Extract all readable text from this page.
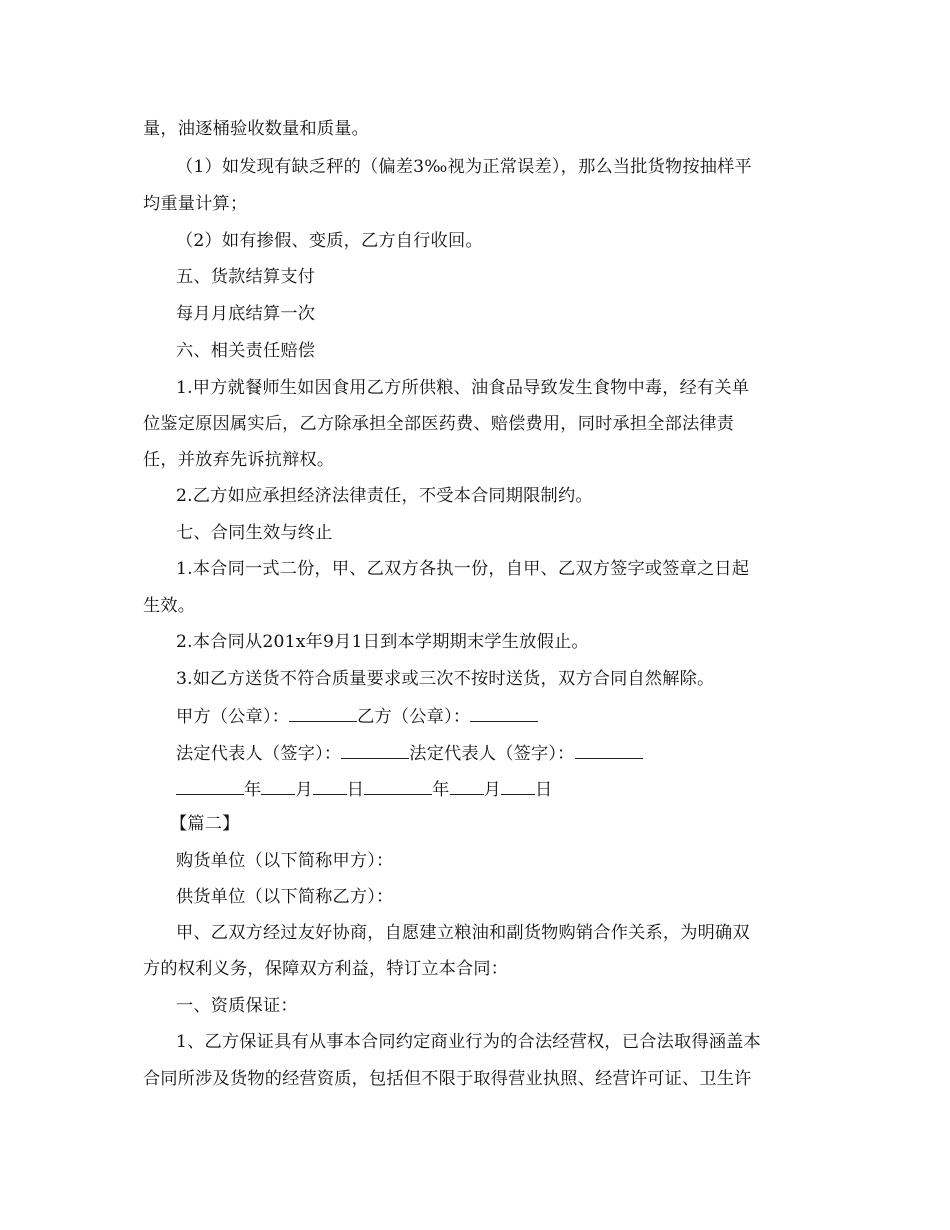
量，油逐桶验收数量和质量。
（1）如发现有缺乏秤的（偏差3‰视为正常误差），那么当批货物按抽样平
均重量计算；
（2）如有掺假、变质，乙方自行收回。
五、货款结算支付
每月月底结算一次
六、相关责任赔偿
1.甲方就餐师生如因食用乙方所供粮、油食品导致发生食物中毒，经有关单
位鉴定原因属实后，乙方除承担全部医药费、赔偿费用，同时承担全部法律责
任，并放弃先诉抗辩权。
2.乙方如应承担经济法律责任，不受本合同期限制约。
七、合同生效与终止
1.本合同一式二份，甲、乙双方各执一份，自甲、乙双方签字或签章之日起
生效。
2.本合同从201x年9月1日到本学期期末学生放假止。
3.如乙方送货不符合质量要求或三次不按时送货，双方合同自然解除。
甲方（公章）：	乙方（公章）：
法定代表人（签字）：	法定代表人（签字）：
年 月 日	年 月 日
【篇二】
购货单位（以下简称甲方）：
供货单位（以下简称乙方）：
甲、乙双方经过友好协商，自愿建立粮油和副货物购销合作关系，为明确双
方的权利义务，保障双方利益，特订立本合同：
一、资质保证：
1、乙方保证具有从事本合同约定商业行为的合法经营权，已合法取得涵盖本
合同所涉及货物的经营资质，包括但不限于取得营业执照、经营许可证、卫生许
